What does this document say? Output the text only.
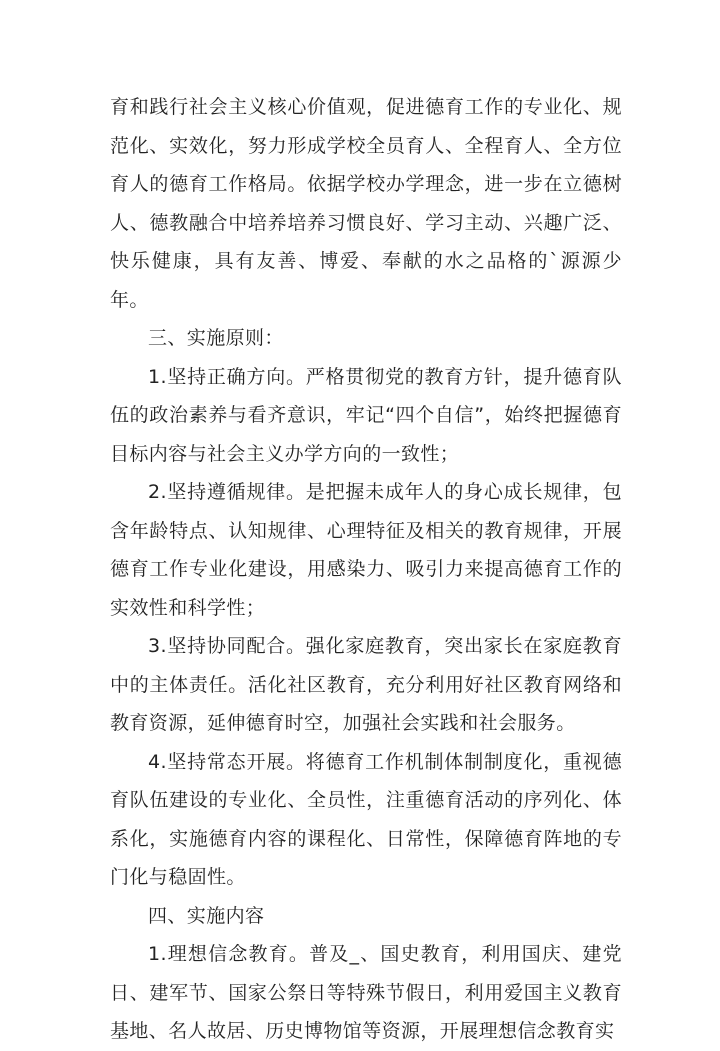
育和践行社会主义核心价值观，促进德育工作的专业化、规范化、实效化，努力形成学校全员育人、全程育人、全方位育人的德育工作格局。依据学校办学理念，进一步在立德树人、德教融合中培养培养习惯良好、学习主动、兴趣广泛、快乐健康，具有友善、博爱、奉献的水之品格的`源源少年。

三、实施原则：

1.坚持正确方向。严格贯彻党的教育方针，提升德育队伍的政治素养与看齐意识，牢记“四个自信”，始终把握德育目标内容与社会主义办学方向的一致性；

2.坚持遵循规律。是把握未成年人的身心成长规律，包含年龄特点、认知规律、心理特征及相关的教育规律，开展德育工作专业化建设，用感染力、吸引力来提高德育工作的实效性和科学性；

3.坚持协同配合。强化家庭教育，突出家长在家庭教育中的主体责任。活化社区教育，充分利用好社区教育网络和教育资源，延伸德育时空，加强社会实践和社会服务。

4.坚持常态开展。将德育工作机制体制制度化，重视德育队伍建设的专业化、全员性，注重德育活动的序列化、体系化，实施德育内容的课程化、日常性，保障德育阵地的专门化与稳固性。

四、实施内容

1.理想信念教育。普及_、国史教育，利用国庆、建党日、建军节、国家公祭日等特殊节假日，利用爱国主义教育基地、名人故居、历史博物馆等资源，开展理想信念教育实
